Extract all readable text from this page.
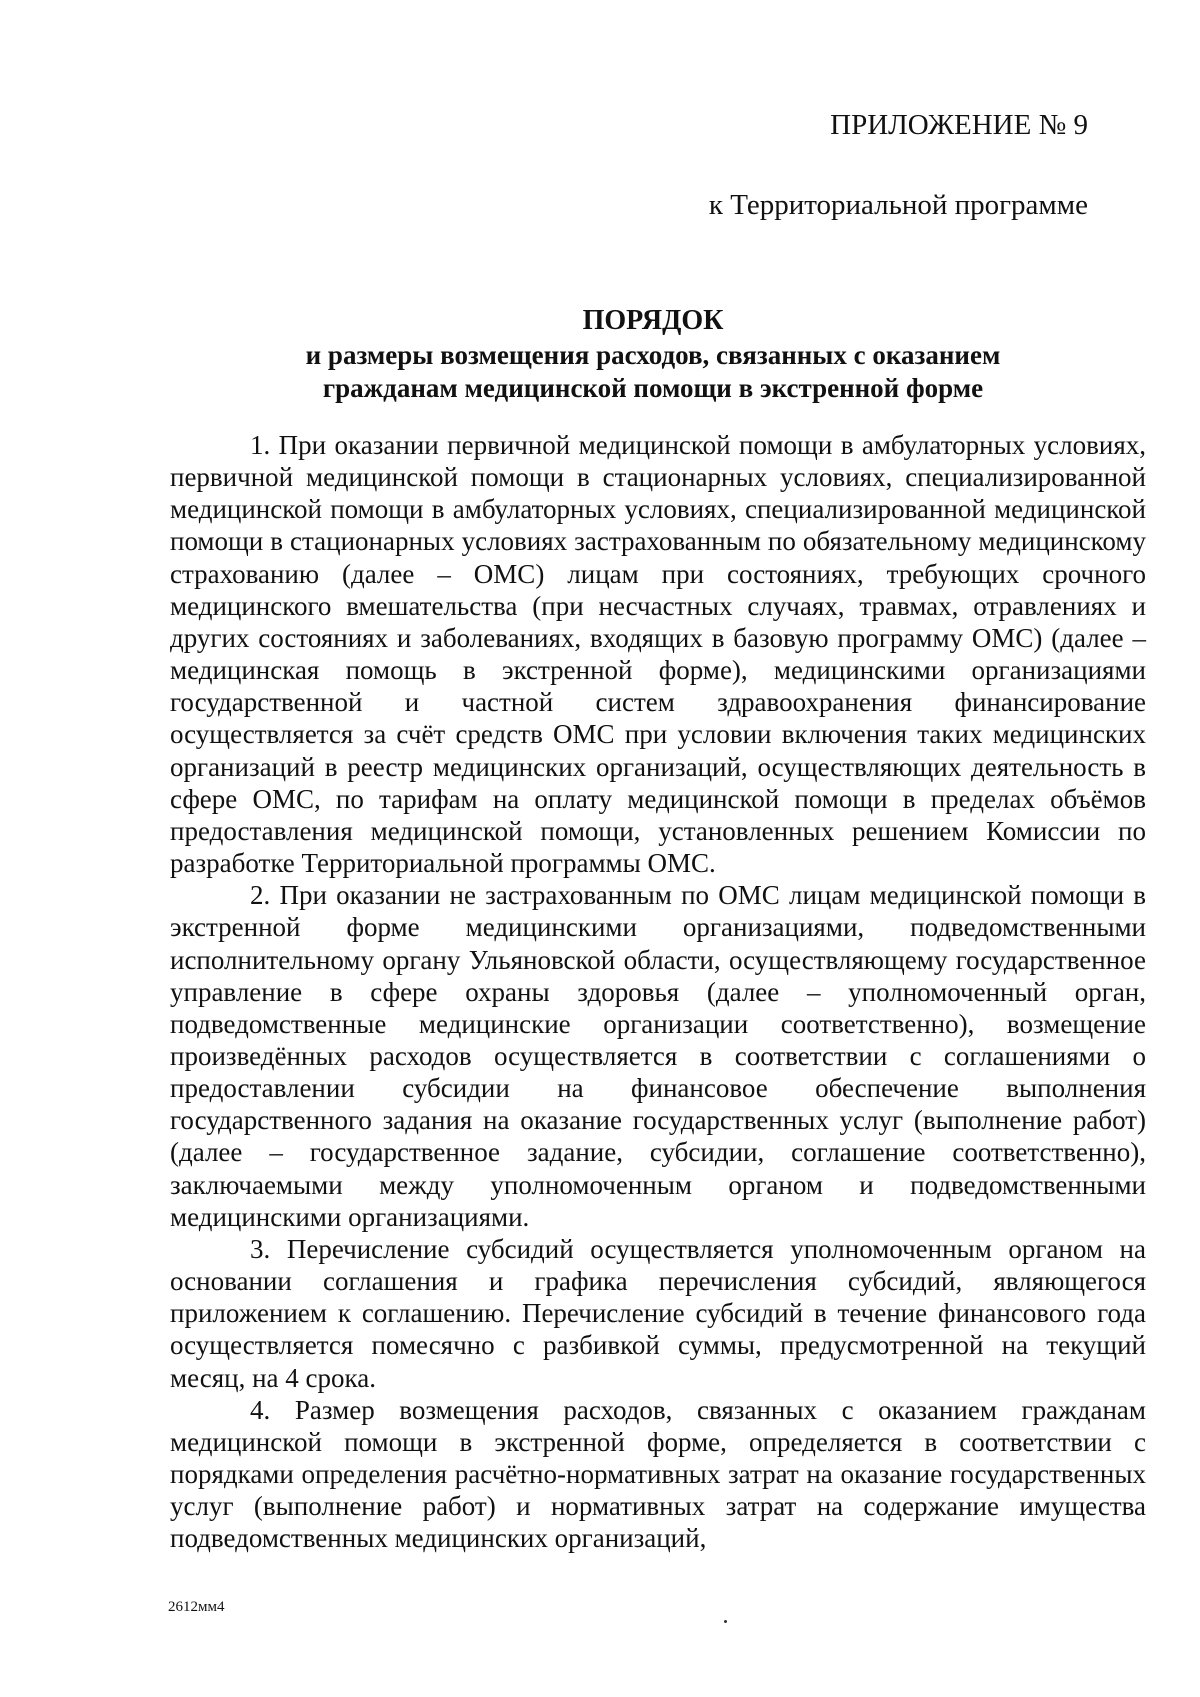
ПРИЛОЖЕНИЕ № 9
к Территориальной программе
ПОРЯДОК
и размеры возмещения расходов, связанных с оказанием
гражданам медицинской помощи в экстренной форме

1. При оказании первичной медицинской помощи в амбулаторных условиях, первичной медицинской помощи в стационарных условиях, специализированной медицинской помощи в амбулаторных условиях, специализированной медицинской помощи в стационарных условиях застрахованным по обязательному медицинскому страхованию (далее – ОМС) лицам при состояниях, требующих срочного медицинского вмешательства (при несчастных случаях, травмах, отравлениях и других состояниях и заболеваниях, входящих в базовую программу ОМС) (далее – медицинская помощь в экстренной форме), медицинскими организациями государственной и частной систем здравоохранения финансирование осуществляется за счёт средств ОМС при условии включения таких медицинских организаций в реестр медицинских организаций, осуществляющих деятельность в сфере ОМС, по тарифам на оплату медицинской помощи в пределах объёмов предоставления медицинской помощи, установленных решением Комиссии по разработке Территориальной программы ОМС.

2. При оказании не застрахованным по ОМС лицам медицинской помощи в экстренной форме медицинскими организациями, подведомственными исполнительному органу Ульяновской области, осуществляющему государственное управление в сфере охраны здоровья (далее – уполномоченный орган, подведомственные медицинские организации соответственно), возмещение произведённых расходов осуществляется в соответствии с соглашениями о предоставлении субсидии на финансовое обеспечение выполнения государственного задания на оказание государственных услуг (выполнение работ) (далее – государственное задание, субсидии, соглашение соответственно), заключаемыми между уполномоченным органом и подведомственными медицинскими организациями.

3. Перечисление субсидий осуществляется уполномоченным органом на основании соглашения и графика перечисления субсидий, являющегося приложением к соглашению. Перечисление субсидий в течение финансового года осуществляется помесячно с разбивкой суммы, предусмотренной на текущий месяц, на 4 срока.

4. Размер возмещения расходов, связанных с оказанием гражданам медицинской помощи в экстренной форме, определяется в соответствии с порядками определения расчётно-нормативных затрат на оказание государственных услуг (выполнение работ) и нормативных затрат на содержание имущества подведомственных медицинских организаций,

2612мм4
